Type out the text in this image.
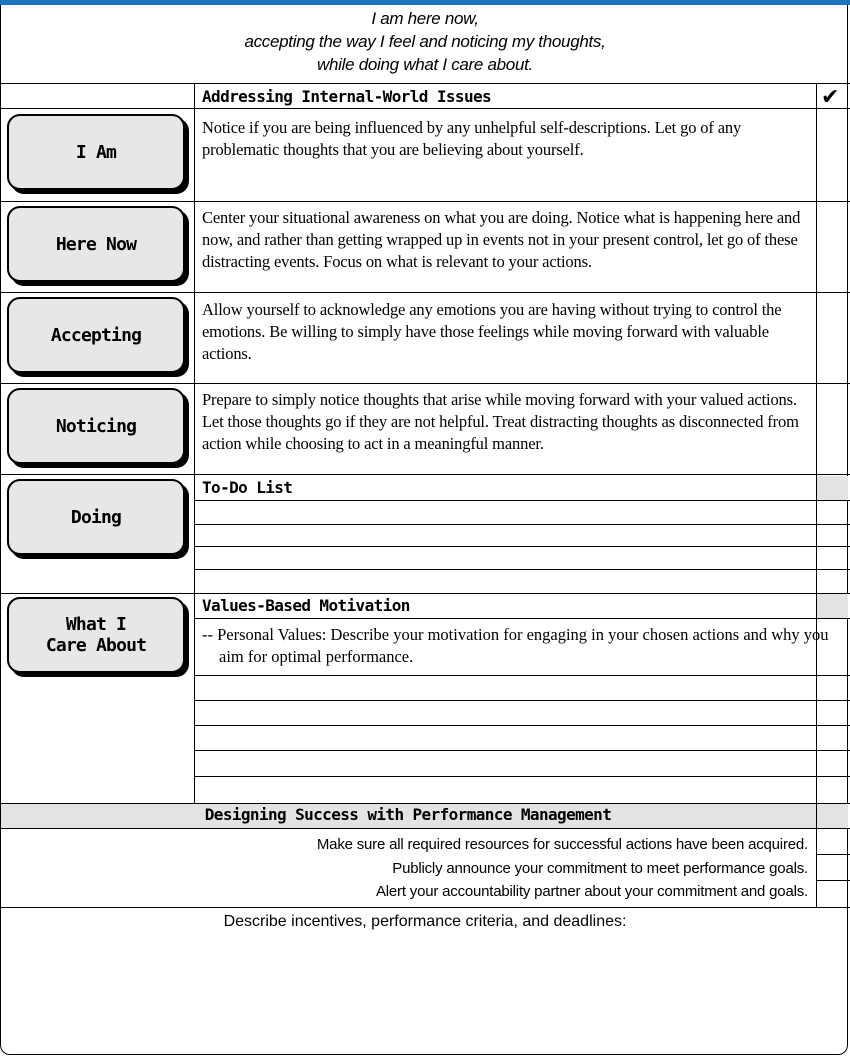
I am here now,
accepting the way I feel and noticing my thoughts,
while doing what I care about.
Addressing Internal-World Issues	✔
I Am
Notice if you are being influenced by any unhelpful self-descriptions. Let go of any problematic thoughts that you are believing about yourself.
Here Now
Center your situational awareness on what you are doing. Notice what is happening here and now, and rather than getting wrapped up in events not in your present control, let go of these distracting events. Focus on what is relevant to your actions.
Accepting
Allow yourself to acknowledge any emotions you are having without trying to control the emotions. Be willing to simply have those feelings while moving forward with valuable actions.
Noticing
Prepare to simply notice thoughts that arise while moving forward with your valued actions. Let those thoughts go if they are not helpful. Treat distracting thoughts as disconnected from action while choosing to act in a meaningful manner.
Doing
To-Do List
What I
Care About
Values-Based Motivation
-- Personal Values: Describe your motivation for engaging in your chosen actions and why you aim for optimal performance.
Designing Success with Performance Management
Make sure all required resources for successful actions have been acquired.
Publicly announce your commitment to meet performance goals.
Alert your accountability partner about your commitment and goals.
Describe incentives, performance criteria, and deadlines:
